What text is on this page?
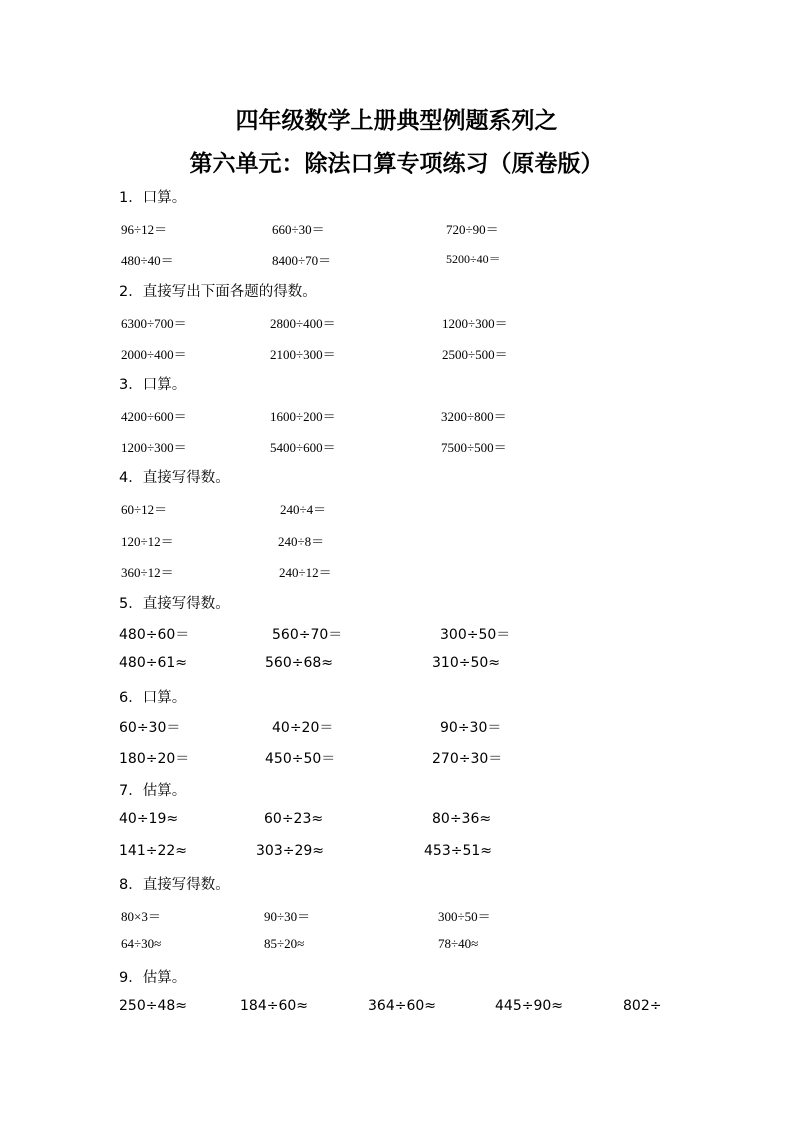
四年级数学上册典型例题系列之
第六单元：除法口算专项练习（原卷版）
1．口算。
96÷12＝	660÷30＝	720÷90＝
480÷40＝	8400÷70＝	5200÷40＝
2．直接写出下面各题的得数。
6300÷700＝	2800÷400＝	1200÷300＝
2000÷400＝	2100÷300＝	2500÷500＝
3．口算。
4200÷600＝	1600÷200＝	3200÷800＝
1200÷300＝	5400÷600＝	7500÷500＝
4．直接写得数。
60÷12＝	240÷4＝
120÷12＝	240÷8＝
360÷12＝	240÷12＝
5．直接写得数。
480÷60＝	560÷70＝	300÷50＝
480÷61≈	560÷68≈	310÷50≈
6．口算。
60÷30＝	40÷20＝	90÷30＝
180÷20＝	450÷50＝	270÷30＝
7．估算。
40÷19≈	60÷23≈	80÷36≈
141÷22≈	303÷29≈	453÷51≈
8．直接写得数。
80×3＝	90÷30＝	300÷50＝
64÷30≈	85÷20≈	78÷40≈
9．估算。
250÷48≈	184÷60≈	364÷60≈	445÷90≈	802÷
